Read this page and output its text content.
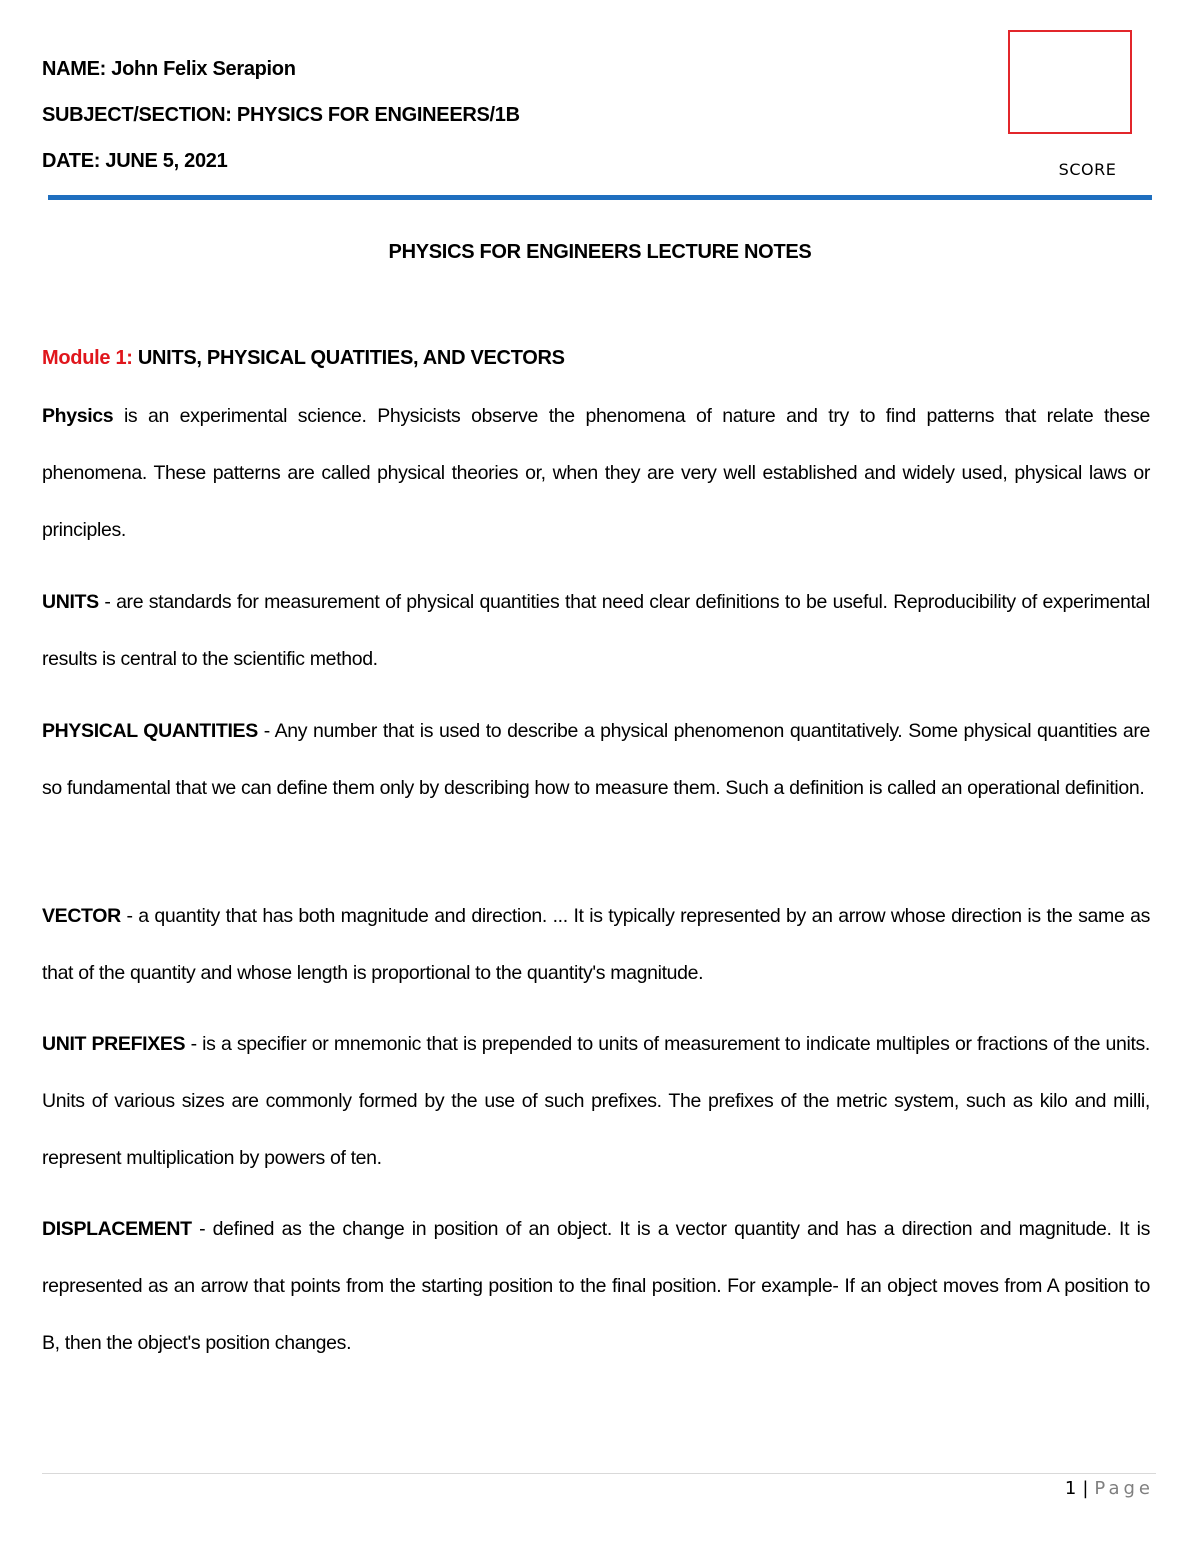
NAME: John Felix Serapion
SUBJECT/SECTION: PHYSICS FOR ENGINEERS/1B
DATE: JUNE 5, 2021	SCORE
PHYSICS FOR ENGINEERS LECTURE NOTES
Module 1: UNITS, PHYSICAL QUATITIES, AND VECTORS
Physics is an experimental science. Physicists observe the phenomena of nature and try to find patterns that relate these phenomena. These patterns are called physical theories or, when they are very well established and widely used, physical laws or principles.
UNITS - are standards for measurement of physical quantities that need clear definitions to be useful. Reproducibility of experimental results is central to the scientific method.
PHYSICAL QUANTITIES - Any number that is used to describe a physical phenomenon quantitatively. Some physical quantities are so fundamental that we can define them only by describing how to measure them. Such a definition is called an operational definition.
VECTOR - a quantity that has both magnitude and direction. ... It is typically represented by an arrow whose direction is the same as that of the quantity and whose length is proportional to the quantity's magnitude.
UNIT PREFIXES - is a specifier or mnemonic that is prepended to units of measurement to indicate multiples or fractions of the units. Units of various sizes are commonly formed by the use of such prefixes. The prefixes of the metric system, such as kilo and milli, represent multiplication by powers of ten.
DISPLACEMENT - defined as the change in position of an object. It is a vector quantity and has a direction and magnitude. It is represented as an arrow that points from the starting position to the final position. For example- If an object moves from A position to B, then the object's position changes.
1 | Page
